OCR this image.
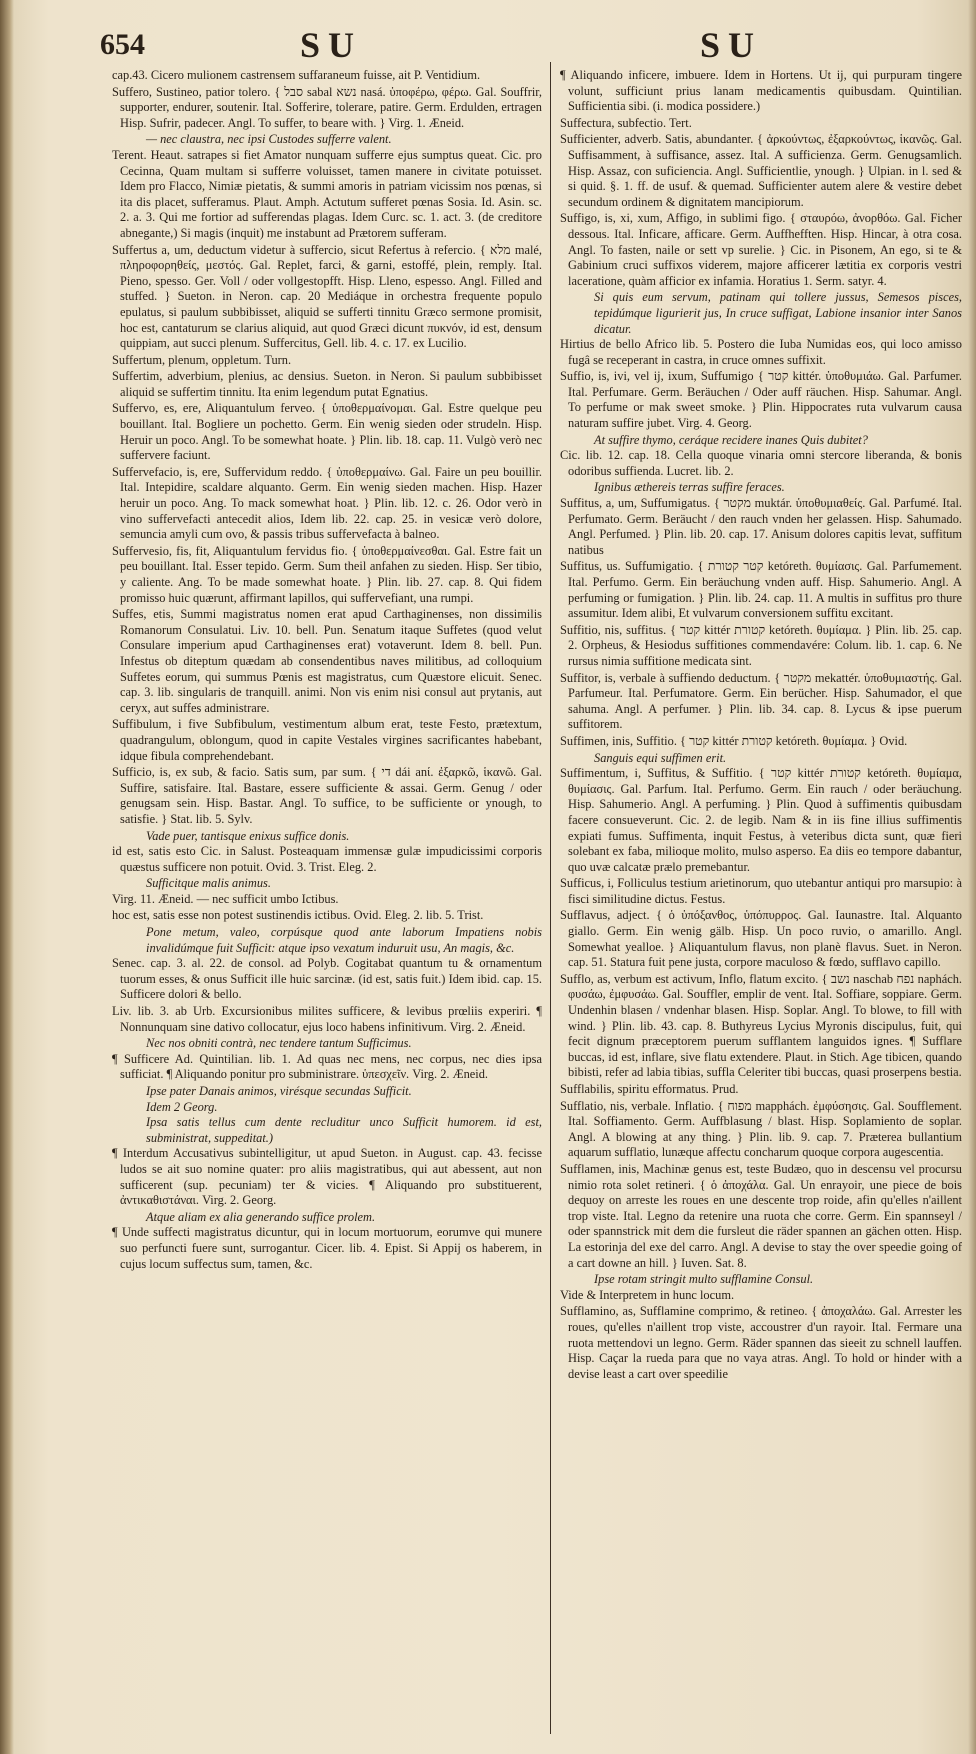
654	SU	SU

cap.43. Cicero mulionem castrensem suffaraneum fuisse, ait P. Ventidium.

Suffero, Sustineo, patior tolero. { סבל sabal נשא nasá. ὑποφέρω, φέρω. Gal. Souffrir, supporter, endurer, soutenir. Ital. Sofferire, tolerare, patire. Germ. Erdulden, ertragen Hisp. Sufrir, padecer. Angl. To suffer, to beare with. } Virg. 1. Æneid.

— nec claustra, nec ipsi Custodes sufferre valent.

Terent. Heaut. satrapes si fiet Amator nunquam sufferre ejus sumptus queat. Cic. pro Cecinna, Quam multam si sufferre voluisset, tamen manere in civitate potuisset. Idem pro Flacco, Nimiæ pietatis, & summi amoris in patriam vicissim nos pœnas, si ita dis placet, sufferamus. Plaut. Amph. Actutum sufferet pœnas Sosia. Id. Asin. sc. 2. a. 3. Qui me fortior ad sufferendas plagas. Idem Curc. sc. 1. act. 3. (de creditore abnegante,) Si magis (inquit) me instabunt ad Prætorem sufferam.

Suffertus a, um, deductum videtur à suffercio, sicut Refertus à refercio. { מלא malé, πληροφορηθείς, μεστός. Gal. Replet, farci, & garni, estoffé, plein, remply. Ital. Pieno, spesso. Ger. Voll / oder vollgestopfft. Hisp. Lleno, espesso. Angl. Filled and stuffed. } Sueton. in Neron. cap. 20 Mediáque in orchestra frequente populo epulatus, si paulum subbibisset, aliquid se sufferti tinnitu Græco sermone promisit, hoc est, cantaturum se clarius aliquid, aut quod Græci dicunt πυκνόν, id est, densum quippiam, aut succi plenum. Suffercitus, Gell. lib. 4. c. 17. ex Lucilio.

Suffertum, plenum, oppletum. Turn.

Suffertim, adverbium, plenius, ac densius. Sueton. in Neron. Si paulum subbibisset aliquid se suffertim tinnitu. Ita enim legendum putat Egnatius.

Suffervo, es, ere, Aliquantulum ferveo. { ὑποθερμαίνομαι. Gal. Estre quelque peu bouillant. Ital. Bogliere un pochetto. Germ. Ein wenig sieden oder strudeln. Hisp. Heruir un poco. Angl. To be somewhat hoate. } Plin. lib. 18. cap. 11. Vulgò verò nec suffervere faciunt.

Suffervefacio, is, ere, Suffervidum reddo. { ὑποθερμαίνω. Gal. Faire un peu bouillir. Ital. Intepidire, scaldare alquanto. Germ. Ein wenig sieden machen. Hisp. Hazer heruir un poco. Ang. To mack somewhat hoat. } Plin. lib. 12. c. 26. Odor verò in vino suffervefacti antecedit alios, Idem lib. 22. cap. 25. in vesicæ verò dolore, semuncia amyli cum ovo, & passis tribus suffervefacta à balneo.

Suffervesio, fis, fit, Aliquantulum fervidus fio. { ὑποθερμαίνεσθαι. Gal. Estre fait un peu bouillant. Ital. Esser tepido. Germ. Sum theil anfahen zu sieden. Hisp. Ser tibio, y caliente. Ang. To be made somewhat hoate. } Plin. lib. 27. cap. 8. Qui fidem promisso huic quærunt, affirmant lapillos, qui suffervefiant, una rumpi.

Suffes, etis, Summi magistratus nomen erat apud Carthaginenses, non dissimilis Romanorum Consulatui. Liv. 10. bell. Pun. Senatum itaque Suffetes (quod velut Consulare imperium apud Carthaginenses erat) votaverunt. Idem 8. bell. Pun. Infestus ob diteptum quædam ab consendentibus naves militibus, ad colloquium Suffetes eorum, qui summus Pœnis est magistratus, cum Quæstore elicuit. Senec. cap. 3. lib. singularis de tranquill. animi. Non vis enim nisi consul aut prytanis, aut ceryx, aut suffes administrare.

Suffibulum, i five Subfibulum, vestimentum album erat, teste Festo, prætextum, quadrangulum, oblongum, quod in capite Vestales virgines sacrificantes habebant, idque fibula comprehendebant.

Sufficio, is, ex sub, & facio. Satis sum, par sum. { די dái anί. ἐξαρκῶ, ἱκανῶ. Gal. Suffire, satisfaire. Ital. Bastare, essere sufficiente & assai. Germ. Genug / oder genugsam sein. Hisp. Bastar. Angl. To suffice, to be sufficiente or ynough, to satisfie. } Stat. lib. 5. Sylv.

Vade puer, tantisque enixus suffice donis.

id est, satis esto Cic. in Salust. Posteaquam immensæ gulæ impudicissimi corporis quæstus sufficere non potuit. Ovid. 3. Trist. Eleg. 2.

Sufficitque malis animus.

Virg. 11. Æneid. — nec sufficit umbo Ictibus.

hoc est, satis esse non potest sustinendis ictibus. Ovid. Eleg. 2. lib. 5. Trist.

Pone metum, valeo, corpúsque quod ante laborum Impatiens nobis invalidúmque fuit Sufficit: atque ipso vexatum induruit usu, An magis, &c.

Senec. cap. 3. al. 22. de consol. ad Polyb. Cogitabat quantum tu & ornamentum tuorum esses, & onus Sufficit ille huic sarcinæ. (id est, satis fuit.) Idem ibid. cap. 15. Sufficere dolori & bello.

Liv. lib. 3. ab Urb. Excursionibus milites sufficere, & levibus prœliis experiri. ¶ Nonnunquam sine dativo collocatur, ejus loco habens infinitivum. Virg. 2. Æneid.

Nec nos obniti contrà, nec tendere tantum Sufficimus.

¶ Sufficere Ad. Quintilian. lib. 1. Ad quas nec mens, nec corpus, nec dies ipsa sufficiat. ¶ Aliquando ponitur pro subministrare. ὑπεσχεῖν. Virg. 2. Æneid.

Ipse pater Danais animos, virésque secundas Sufficit.

Idem 2 Georg.

Ipsa satis tellus cum dente recluditur unco Sufficit humorem. id est, subministrat, suppeditat.)

¶ Interdum Accusativus subintelligitur, ut apud Sueton. in August. cap. 43. fecisse ludos se ait suo nomine quater: pro aliis magistratibus, qui aut abessent, aut non sufficerent (sup. pecuniam) ter & vicies. ¶ Aliquando pro substituerent, ἀντικαθιστάναι. Virg. 2. Georg.

Atque aliam ex alia generando suffice prolem.

¶ Unde suffecti magistratus dicuntur, qui in locum mortuorum, eorumve qui munere suo perfuncti fuere sunt, surrogantur. Cicer. lib. 4. Epist. Si Appij os haberem, in cujus locum suffectus sum, tamen, &c.

¶ Aliquando inficere, imbuere. Idem in Hortens. Ut ij, qui purpuram tingere volunt, sufficiunt prius lanam medicamentis quibusdam. Quintilian. Sufficientia sibi. (i. modica possidere.)

Suffectura, subfectio. Tert.

Sufficienter, adverb. Satis, abundanter. { ἀρκούντως, ἐξαρκούντως, ἱκανῶς. Gal. Suffisamment, à suffisance, assez. Ital. A sufficienza. Germ. Genugsamlich. Hisp. Assaz, con suficiencia. Angl. Sufficientlie, ynough. } Ulpian. in l. sed & si quid. §. 1. ff. de usuf. & quemad. Sufficienter autem alere & vestire debet secundum ordinem & dignitatem mancipiorum.

Suffigo, is, xi, xum, Affigo, in sublimi figo. { σταυρόω, ἀνορθόω. Gal. Ficher dessous. Ital. Inficare, afficare. Germ. Auffhefften. Hisp. Hincar, à otra cosa. Angl. To fasten, naile or sett vp surelie. } Cic. in Pisonem, An ego, si te & Gabinium cruci suffixos viderem, majore afficerer lætitia ex corporis vestri laceratione, quàm afficior ex infamia. Horatius 1. Serm. satyr. 4.

Si quis eum servum, patinam qui tollere jussus, Semesos pisces, tepidúmque ligurierit jus, In cruce suffigat, Labione insanior inter Sanos dicatur.

Hirtius de bello Africo lib. 5. Postero die Iuba Numidas eos, qui loco amisso fugâ se receperant in castra, in cruce omnes suffixit.

Suffio, is, ivi, vel ij, ixum, Suffumigo { קטר kittér. ὑποθυμιάω. Gal. Parfumer. Ital. Perfumare. Germ. Beräuchen / Oder auff räuchen. Hisp. Sahumar. Angl. To perfume or mak sweet smoke. } Plin. Hippocrates ruta vulvarum causa naturam suffire jubet. Virg. 4. Georg.

At suffire thymo, ceráque recidere inanes Quis dubitet?

Cic. lib. 12. cap. 18. Cella quoque vinaria omni stercore liberanda, & bonis odoribus suffienda. Lucret. lib. 2.

Ignibus æthereis terras suffire feraces.

Suffitus, a, um, Suffumigatus. { מקטר muktár. ὑποθυμιαθείς. Gal. Parfumé. Ital. Perfumato. Germ. Beräucht / den rauch vnden her gelassen. Hisp. Sahumado. Angl. Perfumed. } Plin. lib. 20. cap. 17. Anisum dolores capitis levat, suffitum natibus

Suffitus, us. Suffumigatio. { קטר קטורת ketóreth. θυμίασις. Gal. Parfumement. Ital. Perfumo. Germ. Ein beräuchung vnden auff. Hisp. Sahumerio. Angl. A perfuming or fumigation. } Plin. lib. 24. cap. 11. A multis in suffitus pro thure assumitur. Idem alibi, Et vulvarum conversionem suffitu excitant.

Suffitio, nis, suffitus. { קטר kittér קטורת ketóreth. θυμίαμα. } Plin. lib. 25. cap. 2. Orpheus, & Hesiodus suffitiones commendavére: Colum. lib. 1. cap. 6. Ne rursus nimia suffitione medicata sint.

Suffitor, is, verbale à suffiendo deductum. { מקטר mekattér. ὑποθυμιαστής. Gal. Parfumeur. Ital. Perfumatore. Germ. Ein berücher. Hisp. Sahumador, el que sahuma. Angl. A perfumer. } Plin. lib. 34. cap. 8. Lycus & ipse puerum suffitorem.

Suffimen, inis, Suffitio. { קטר kittér קטורת ketóreth. θυμίαμα. } Ovid.

Sanguis equi suffimen erit.

Suffimentum, i, Suffitus, & Suffitio. { קטר kittér קטורת ketóreth. θυμίαμα, θυμίασις. Gal. Parfum. Ital. Perfumo. Germ. Ein rauch / oder beräuchung. Hisp. Sahumerio. Angl. A perfuming. } Plin. Quod à suffimentis quibusdam facere consueverunt. Cic. 2. de legib. Nam & in iis fine illius suffimentis expiati fumus. Suffimenta, inquit Festus, à veteribus dicta sunt, quæ fieri solebant ex faba, milioque molito, mulso asperso. Ea diis eo tempore dabantur, quo uvæ calcatæ prælo premebantur.

Sufficus, i, Folliculus testium arietinorum, quo utebantur antiqui pro marsupio: à fisci similitudine dictus. Festus.

Sufflavus, adject. { ὁ ὑπόξανθος, ὑπόπυρρος. Gal. Iaunastre. Ital. Alquanto giallo. Germ. Ein wenig gälb. Hisp. Un poco ruvio, o amarillo. Angl. Somewhat yealloe. } Aliquantulum flavus, non planè flavus. Suet. in Neron. cap. 51. Statura fuit pene justa, corpore maculoso & fœdo, sufflavo capillo.

Sufflo, as, verbum est activum, Inflo, flatum excito. { נשב naschab נפח naphách. φυσάω, ἐμφυσάω. Gal. Souffler, emplir de vent. Ital. Soffiare, soppiare. Germ. Undenhin blasen / vndenhar blasen. Hisp. Soplar. Angl. To blowe, to fill with wind. } Plin. lib. 43. cap. 8. Buthyreus Lycius Myronis discipulus, fuit, qui fecit dignum præceptorem puerum sufflantem languidos ignes. ¶ Sufflare buccas, id est, inflare, sive flatu extendere. Plaut. in Stich. Age tibicen, quando bibisti, refer ad labia tibias, suffla Celeriter tibi buccas, quasi proserpens bestia.

Sufflabilis, spiritu efformatus. Prud.

Sufflatio, nis, verbale. Inflatio. { מפוח mapphách. ἐμφύσησις. Gal. Soufflement. Ital. Soffiamento. Germ. Auffblasung / blast. Hisp. Soplamiento de soplar. Angl. A blowing at any thing. } Plin. lib. 9. cap. 7. Præterea bullantium aquarum sufflatio, lunæque affectu concharum quoque corpora augescentia.

Sufflamen, inis, Machinæ genus est, teste Budæo, quo in descensu vel procursu nimio rota solet retineri. { ὁ ἀποχάλα. Gal. Un enrayoir, une piece de bois dequoy on arreste les roues en une descente trop roide, afin qu'elles n'aillent trop viste. Ital. Legno da retenire una ruota che corre. Germ. Ein spannseyl / oder spannstrick mit dem die fursleut die räder spannen an gächen otten. Hisp. La estorinja del exe del carro. Angl. A devise to stay the over speedie going of a cart downe an hill. } Iuven. Sat. 8.

Ipse rotam stringit multo sufflamine Consul.

Vide & Interpretem in hunc locum.

Sufflamino, as, Sufflamine comprimo, & retineo. { ἀποχαλάω. Gal. Arrester les roues, qu'elles n'aillent trop viste, accoustrer d'un rayoir. Ital. Fermare una ruota mettendovi un legno. Germ. Räder spannen das sieeit zu schnell lauffen. Hisp. Caçar la rueda para que no vaya atras. Angl. To hold or hinder with a devise least a cart over speedilie
